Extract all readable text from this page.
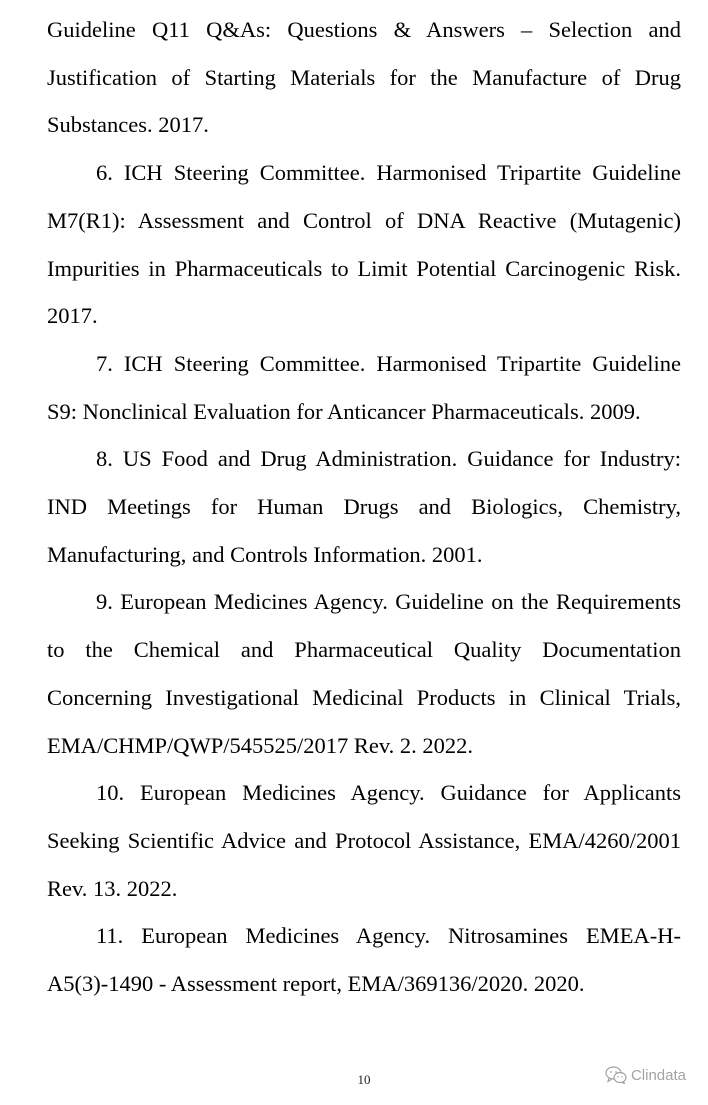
Guideline Q11 Q&As: Questions & Answers – Selection and Justification of Starting Materials for the Manufacture of Drug Substances. 2017.

6. ICH Steering Committee. Harmonised Tripartite Guideline M7(R1): Assessment and Control of DNA Reactive (Mutagenic) Impurities in Pharmaceuticals to Limit Potential Carcinogenic Risk. 2017.

7. ICH Steering Committee. Harmonised Tripartite Guideline S9: Nonclinical Evaluation for Anticancer Pharmaceuticals. 2009.

8. US Food and Drug Administration. Guidance for Industry: IND Meetings for Human Drugs and Biologics, Chemistry, Manufacturing, and Controls Information. 2001.

9. European Medicines Agency. Guideline on the Requirements to the Chemical and Pharmaceutical Quality Documentation Concerning Investigational Medicinal Products in Clinical Trials, EMA/CHMP/QWP/545525/2017 Rev. 2. 2022.

10. European Medicines Agency. Guidance for Applicants Seeking Scientific Advice and Protocol Assistance, EMA/4260/2001 Rev. 13. 2022.

11. European Medicines Agency. Nitrosamines EMEA-H-A5(3)-1490 - Assessment report, EMA/369136/2020. 2020.

10	Clindata
